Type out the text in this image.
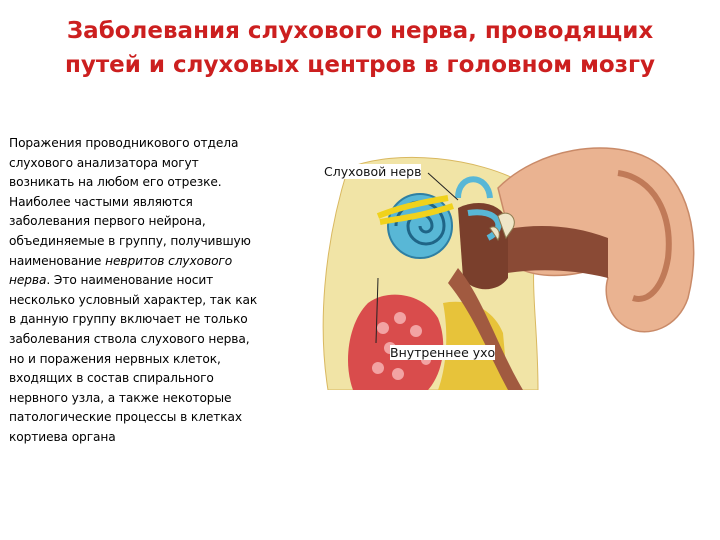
Заболевания слухового нерва, проводящих
путей и слуховых центров в головном мозгу
Поражения проводникового отдела
слухового анализатора могут
возникать на любом его отрезке.
Наиболее частыми являются
заболевания первого нейрона,
объединяемые в группу, получившую
наименование невритов слухового
нерва. Это наименование носит
несколько условный характер, так как
в данную группу включает не только
заболевания ствола слухового нерва,
но и поражения нервных клеток,
входящих в состав спирального
нервного узла, а также некоторые
патологические процессы в клетках
кортиева органа
Слуховой нерв
Внутреннее ухо
